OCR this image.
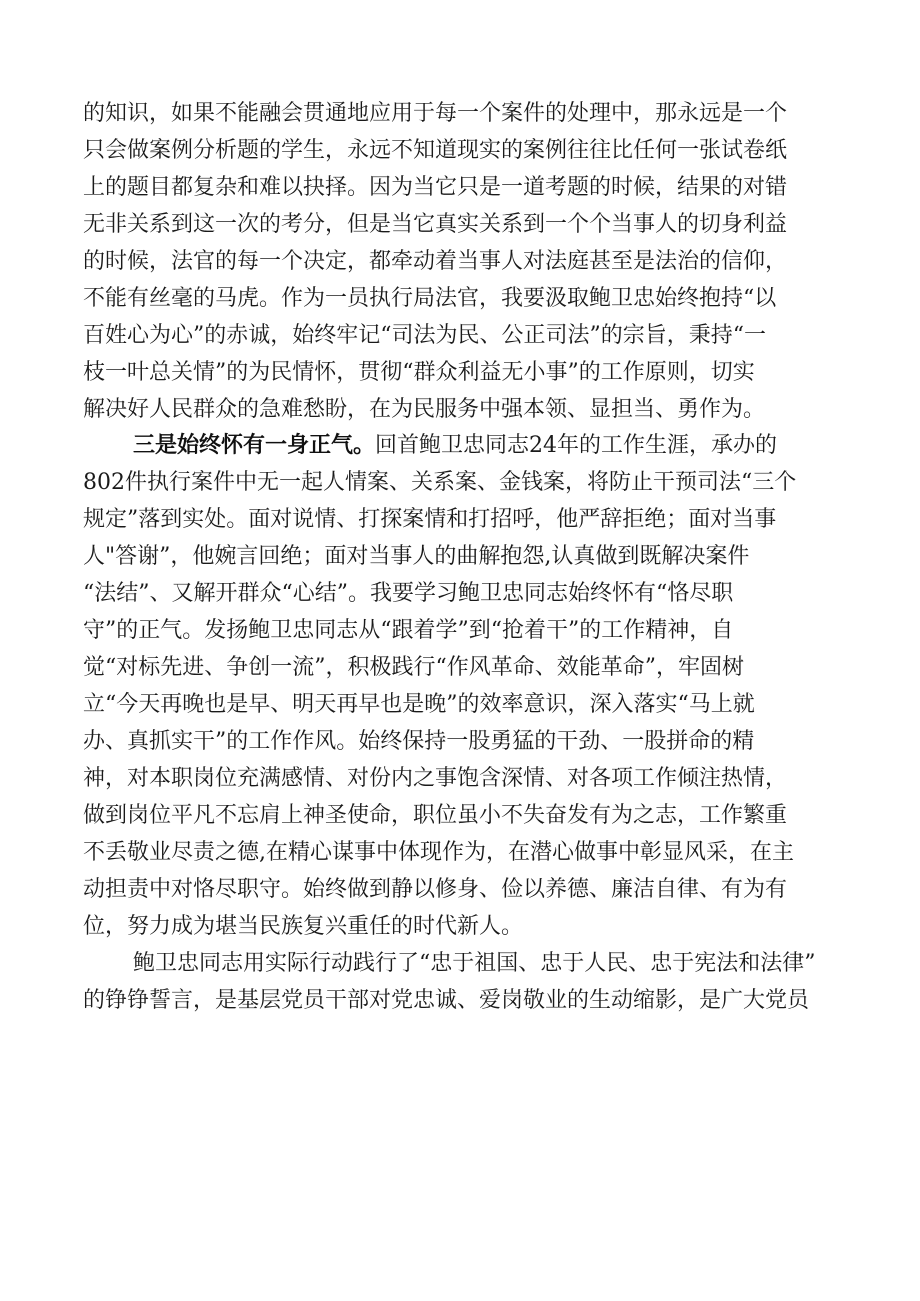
的知识，如果不能融会贯通地应用于每一个案件的处理中，那永远是一个
只会做案例分析题的学生，永远不知道现实的案例往往比任何一张试卷纸
上的题目都复杂和难以抉择。因为当它只是一道考题的时候，结果的对错
无非关系到这一次的考分，但是当它真实关系到一个个当事人的切身利益
的时候，法官的每一个决定，都牵动着当事人对法庭甚至是法治的信仰，
不能有丝毫的马虎。作为一员执行局法官，我要汲取鲍卫忠始终抱持“以
百姓心为心”的赤诚，始终牢记“司法为民、公正司法”的宗旨，秉持“一
枝一叶总关情”的为民情怀，贯彻“群众利益无小事”的工作原则，切实
解决好人民群众的急难愁盼，在为民服务中强本领、显担当、勇作为。
三是始终怀有一身正气。回首鲍卫忠同志24年的工作生涯，承办的
802件执行案件中无一起人情案、关系案、金钱案，将防止干预司法“三个
规定”落到实处。面对说情、打探案情和打招呼，他严辞拒绝；面对当事
人"答谢”，他婉言回绝；面对当事人的曲解抱怨,认真做到既解决案件
“法结”、又解开群众“心结”。我要学习鲍卫忠同志始终怀有“恪尽职
守”的正气。发扬鲍卫忠同志从“跟着学”到“抢着干”的工作精神，自
觉“对标先进、争创一流”，积极践行“作风革命、效能革命”，牢固树
立“今天再晚也是早、明天再早也是晚”的效率意识，深入落实“马上就
办、真抓实干”的工作作风。始终保持一股勇猛的干劲、一股拼命的精
神，对本职岗位充满感情、对份内之事饱含深情、对各项工作倾注热情，
做到岗位平凡不忘肩上神圣使命，职位虽小不失奋发有为之志，工作繁重
不丢敬业尽责之德,在精心谋事中体现作为，在潜心做事中彰显风采，在主
动担责中对恪尽职守。始终做到静以修身、俭以养德、廉洁自律、有为有
位，努力成为堪当民族复兴重任的时代新人。
鲍卫忠同志用实际行动践行了“忠于祖国、忠于人民、忠于宪法和法律”
的铮铮誓言，是基层党员干部对党忠诚、爱岗敬业的生动缩影，是广大党员
